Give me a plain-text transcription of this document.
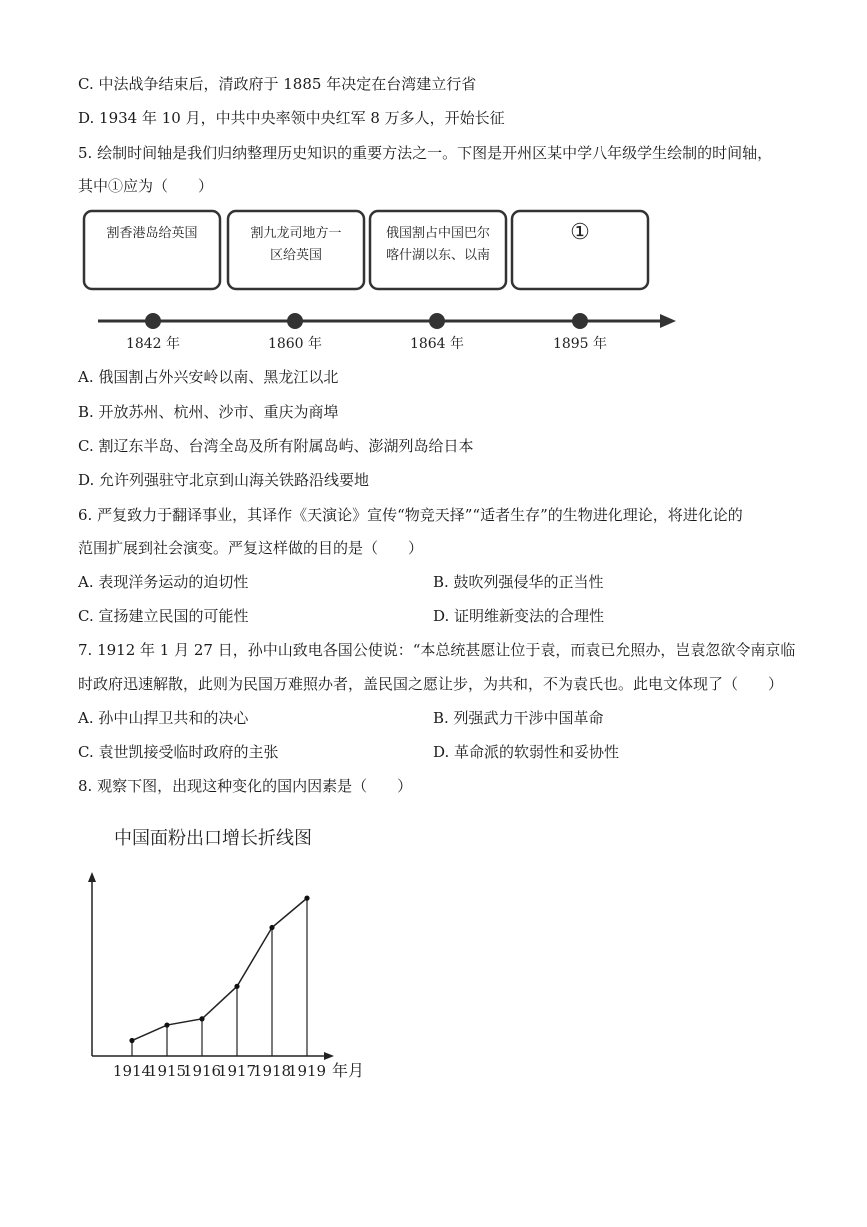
C. 中法战争结束后，清政府于 1885 年决定在台湾建立行省
D. 1934 年 10 月，中共中央率领中央红军 8 万多人，开始长征
5. 绘制时间轴是我们归纳整理历史知识的重要方法之一。下图是开州区某中学八年级学生绘制的时间轴，
其中①应为（　　）
割香港岛给英国	割九龙司地方一
区给英国
俄国割占中国巴尔
喀什湖以东、以南
①
1842 年	1860 年	1864 年	1895 年
A. 俄国割占外兴安岭以南、黑龙江以北
B. 开放苏州、杭州、沙市、重庆为商埠
C. 割辽东半岛、台湾全岛及所有附属岛屿、澎湖列岛给日本
D. 允许列强驻守北京到山海关铁路沿线要地
6. 严复致力于翻译事业，其译作《天演论》宣传“物竞天择”“适者生存”的生物进化理论，将进化论的
范围扩展到社会演变。严复这样做的目的是（　　）
A. 表现洋务运动的迫切性	B. 鼓吹列强侵华的正当性
C. 宣扬建立民国的可能性	D. 证明维新变法的合理性
7. 1912 年 1 月 27 日，孙中山致电各国公使说：“本总统甚愿让位于袁，而袁已允照办，岂袁忽欲令南京临
时政府迅速解散，此则为民国万难照办者，盖民国之愿让步，为共和，不为袁氏也。此电文体现了（　　）
A. 孙中山捍卫共和的决心	B. 列强武力干涉中国革命
C. 袁世凯接受临时政府的主张	D. 革命派的软弱性和妥协性
8. 观察下图，出现这种变化的国内因素是（　　）
中国面粉出口增长折线图
年月
1914
1915
1916
1917
1918
1919
